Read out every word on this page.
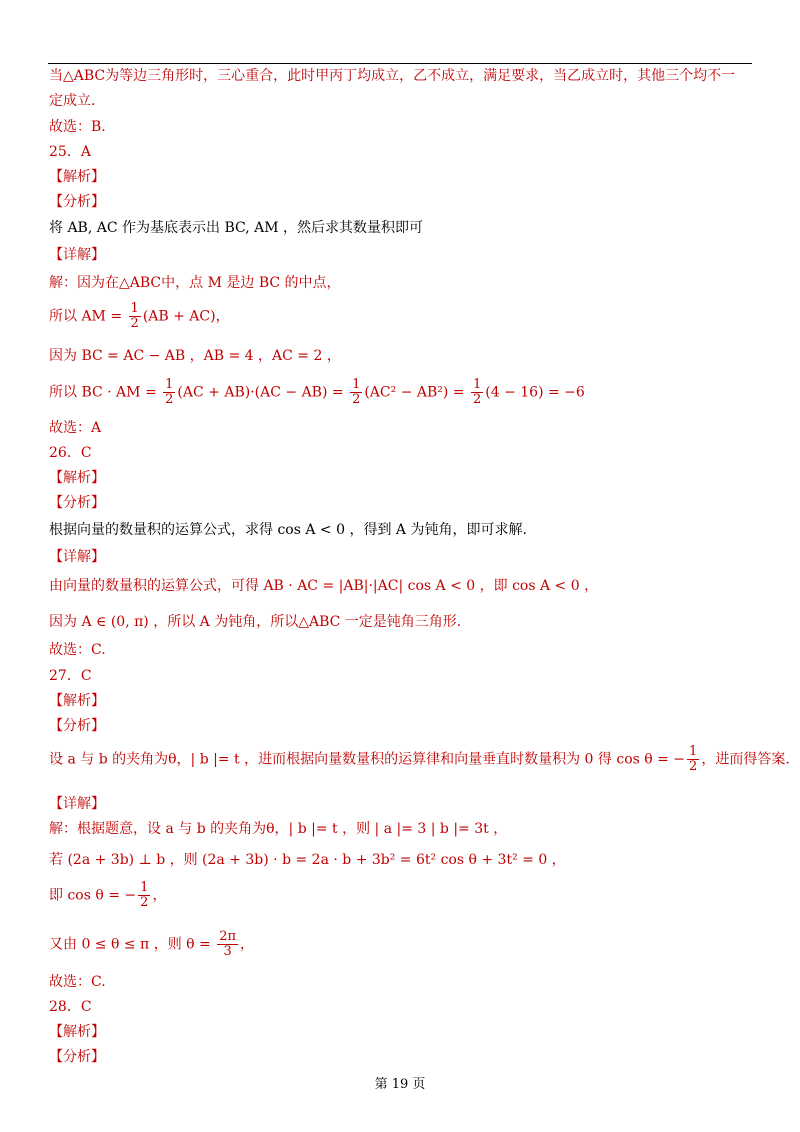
当△ABC为等边三角形时，三心重合，此时甲丙丁均成立，乙不成立，满足要求，当乙成立时，其他三个均不一
定成立.
故选：B.
25．A
【解析】
【分析】
将 AB, AC 作为基底表示出 BC, AM ，然后求其数量积即可
【详解】
解：因为在△ABC中，点 M 是边 BC 的中点，
所以 AM = $\frac{1}{2} (AB + AC)$，
因为 BC = AC − AB ，AB = 4 ，AC = 2 ，
所以 BC · AM = $\frac{1}{2} (AC + AB)\cdot(AC - AB) = \frac{1}{2} (AC^2 - AB^2) = \frac{1}{2} (4 - 16) = -6$
故选：A
26．C
【解析】
【分析】
根据向量的数量积的运算公式，求得 cos A < 0 ，得到 A 为钝角，即可求解.
【详解】
由向量的数量积的运算公式，可得 AB · AC = |AB|·|AC| cos A < 0 ，即 cos A < 0 ，
因为 A ∈ (0, π) ，所以 A 为钝角，所以△ABC 一定是钝角三角形.
故选：C.
27．C
【解析】
【分析】
设 a 与 b 的夹角为θ，| b |= t ，进而根据向量数量积的运算律和向量垂直时数量积为 0 得 cos θ = − $\frac{1}{2}$ ，进而得答案.
【详解】
解：根据题意，设 a 与 b 的夹角为θ，| b |= t ，则 | a |= 3 | b |= 3t ，
若 (2a + 3b) ⊥ b ，则 (2a + 3b) · b = 2a · b + 3b² = 6t² cos θ + 3t² = 0 ，
即 cos θ = − $\frac{1}{2}$ ，
又由 0 ≤ θ ≤ π ，则 $\theta = \frac{2\pi}{3}$ ，
故选：C.
28．C
【解析】
【分析】
第 19 页
